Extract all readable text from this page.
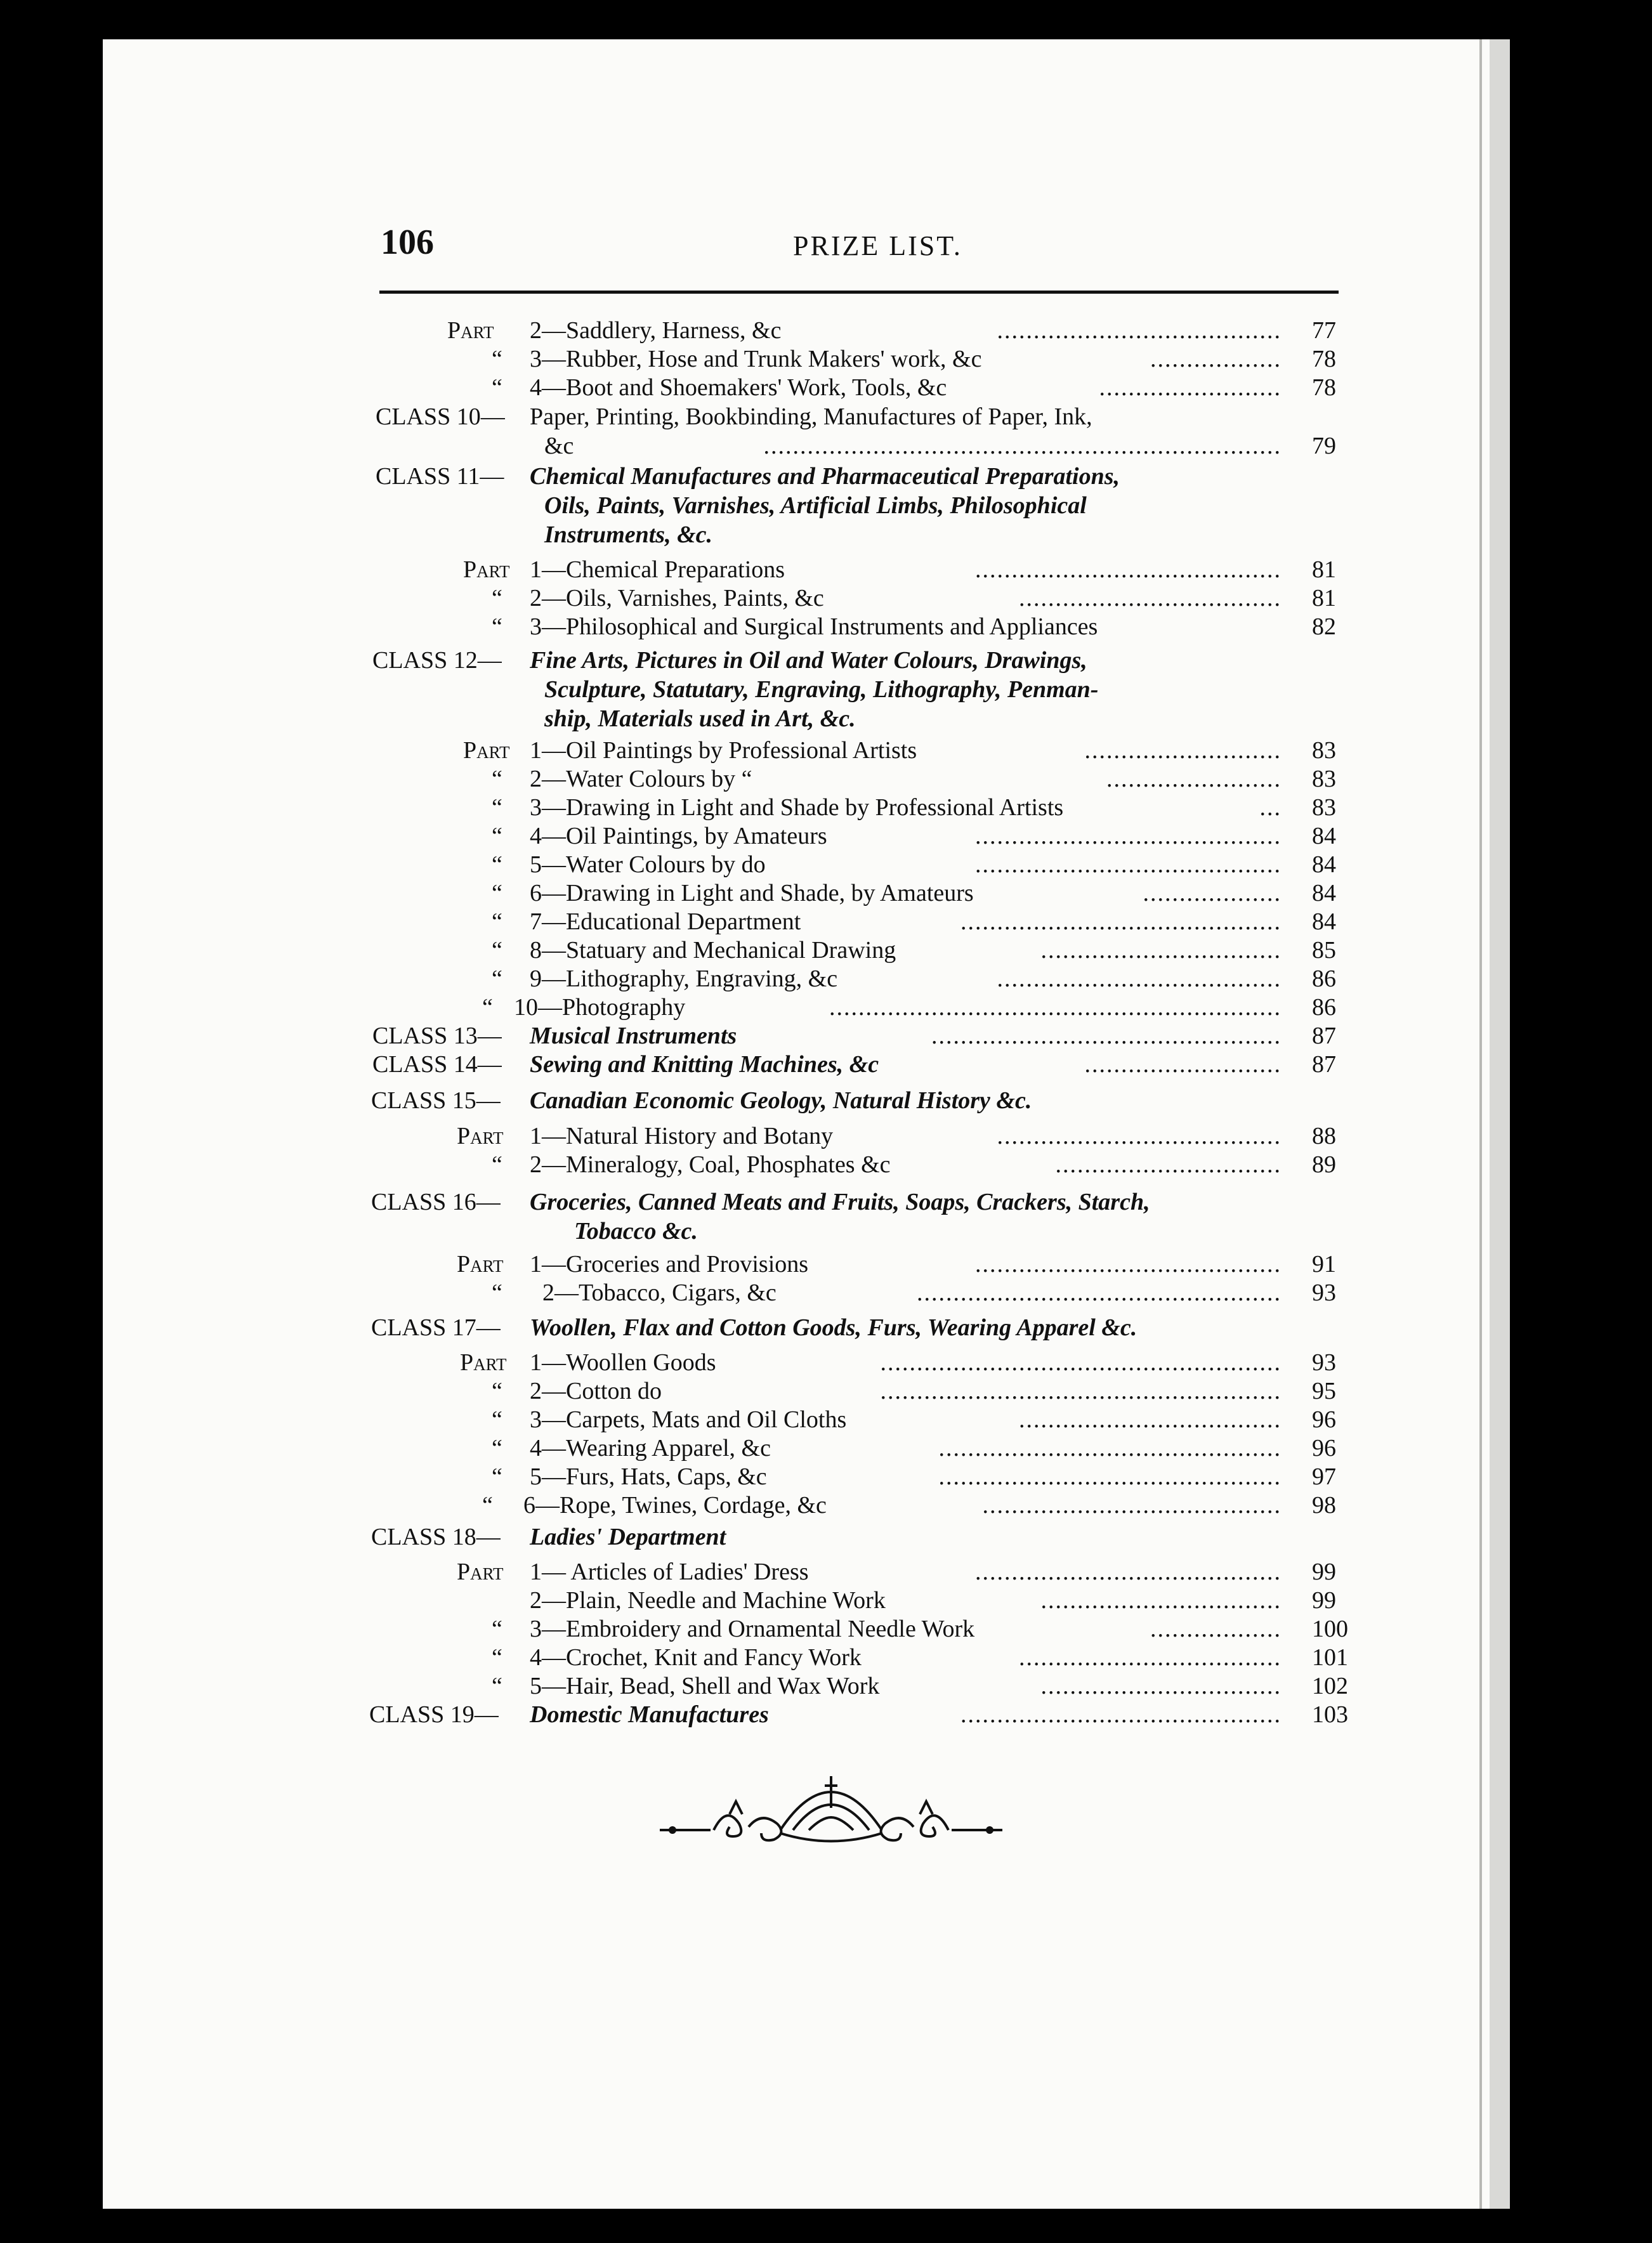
106	PRIZE LIST.
Part 2—Saddlery, Harness, &c	....................................... 77
“ 3—Rubber, Hose and Trunk Makers' work, &c	.................. 78
“ 4—Boot and Shoemakers' Work, Tools, &c	......................... 78
CLASS 10— Paper, Printing, Bookbinding, Manufactures of Paper, Ink,
&c	....................................................................... 79
CLASS 11— Chemical Manufactures and Pharmaceutical Preparations,
Oils, Paints, Varnishes, Artificial Limbs, Philosophical
Instruments, &c.
Part 1—Chemical Preparations	.......................................... 81
“ 2—Oils, Varnishes, Paints, &c	.................................... 81
“ 3—Philosophical and Surgical Instruments and Appliances	82
CLASS 12— Fine Arts, Pictures in Oil and Water Colours, Drawings,
Sculpture, Statutary, Engraving, Lithography, Penman-
ship, Materials used in Art, &c.
Part 1—Oil Paintings by Professional Artists	........................... 83
“ 2—Water Colours by “	........................ 83
“ 3—Drawing in Light and Shade by Professional Artists	... 83
“ 4—Oil Paintings, by Amateurs	.......................................... 84
“ 5—Water Colours by do	.......................................... 84
“ 6—Drawing in Light and Shade, by Amateurs	................... 84
“ 7—Educational Department	............................................ 84
“ 8—Statuary and Mechanical Drawing	................................. 85
“ 9—Lithography, Engraving, &c	....................................... 86
“ 10—Photography	.............................................................. 86
CLASS 13— Musical Instruments	................................................ 87
CLASS 14— Sewing and Knitting Machines, &c	........................... 87
CLASS 15— Canadian Economic Geology, Natural History &c.
Part 1—Natural History and Botany	....................................... 88
“ 2—Mineralogy, Coal, Phosphates &c	............................... 89
CLASS 16— Groceries, Canned Meats and Fruits, Soaps, Crackers, Starch,
Tobacco &c.
Part 1—Groceries and Provisions	.......................................... 91
“ 2—Tobacco, Cigars, &c	.................................................. 93
CLASS 17— Woollen, Flax and Cotton Goods, Furs, Wearing Apparel &c.
Part 1—Woollen Goods	....................................................... 93
“ 2—Cotton do	....................................................... 95
“ 3—Carpets, Mats and Oil Cloths	.................................... 96
“ 4—Wearing Apparel, &c	............................................... 96
“ 5—Furs, Hats, Caps, &c	............................................... 97
“ 6—Rope, Twines, Cordage, &c	......................................... 98
CLASS 18— Ladies' Department
Part 1— Articles of Ladies' Dress	.......................................... 99
2—Plain, Needle and Machine Work	................................. 99
“ 3—Embroidery and Ornamental Needle Work	.................. 100
“ 4—Crochet, Knit and Fancy Work	.................................... 101
“ 5—Hair, Bead, Shell and Wax Work	................................. 102
CLASS 19— Domestic Manufactures	............................................ 103
